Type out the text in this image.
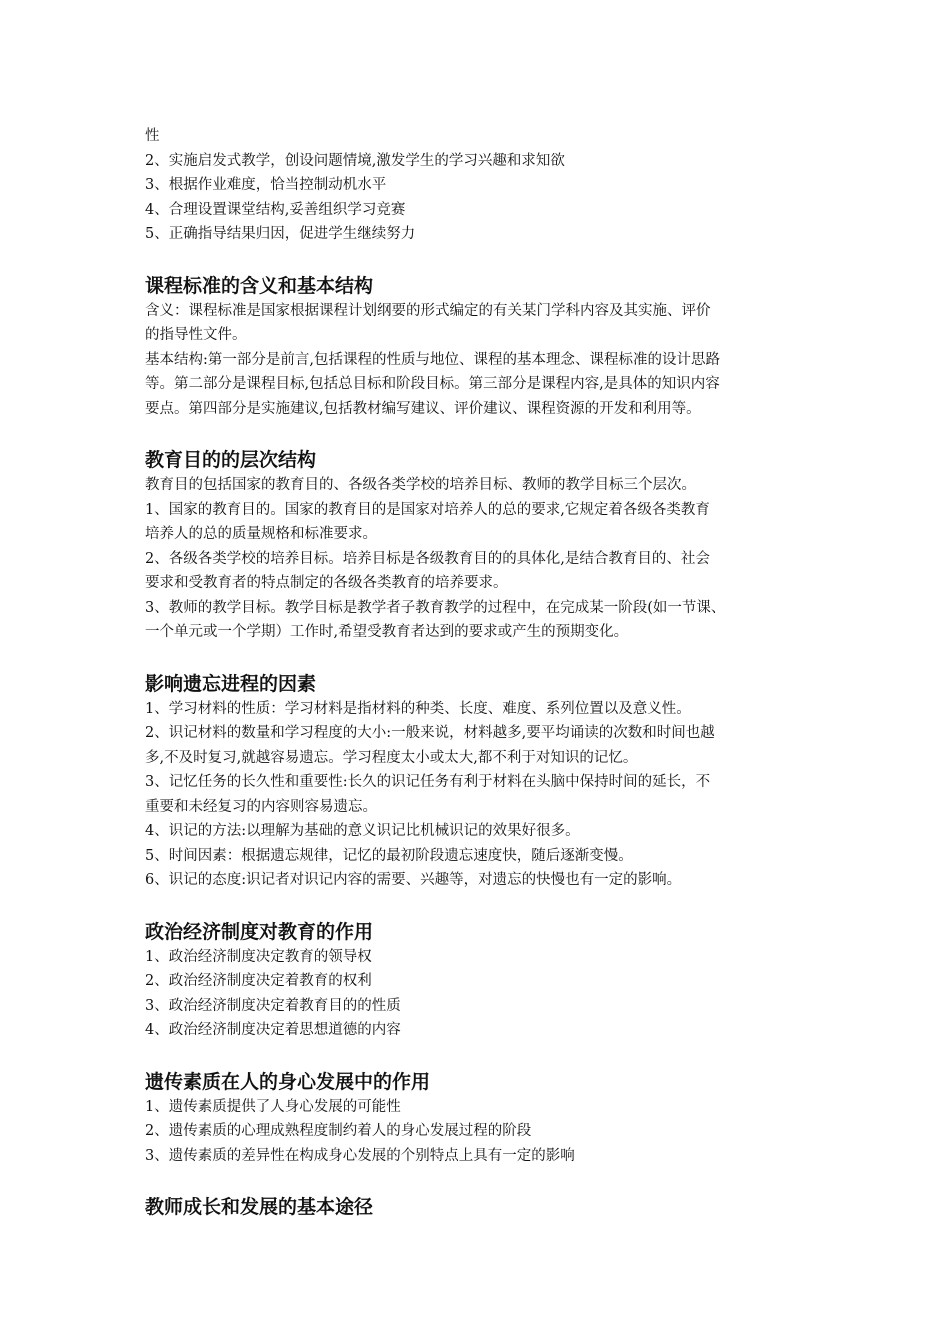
性

2、实施启发式教学，创设问题情境,激发学生的学习兴趣和求知欲

3、根据作业难度，恰当控制动机水平

4、合理设置课堂结构,妥善组织学习竞赛

5、正确指导结果归因，促进学生继续努力

课程标准的含义和基本结构

含义：课程标准是国家根据课程计划纲要的形式编定的有关某门学科内容及其实施、评价

的指导性文件。

基本结构:第一部分是前言,包括课程的性质与地位、课程的基本理念、课程标准的设计思路

等。第二部分是课程目标,包括总目标和阶段目标。第三部分是课程内容,是具体的知识内容

要点。第四部分是实施建议,包括教材编写建议、评价建议、课程资源的开发和利用等。

教育目的的层次结构

教育目的包括国家的教育目的、各级各类学校的培养目标、教师的教学目标三个层次。

1、国家的教育目的。国家的教育目的是国家对培养人的总的要求,它规定着各级各类教育

培养人的总的质量规格和标准要求。

2、各级各类学校的培养目标。培养目标是各级教育目的的具体化,是结合教育目的、社会

要求和受教育者的特点制定的各级各类教育的培养要求。

3、教师的教学目标。教学目标是教学者子教育教学的过程中，在完成某一阶段(如一节课、

一个单元或一个学期）工作时,希望受教育者达到的要求或产生的预期变化。

影响遗忘进程的因素

1、学习材料的性质：学习材料是指材料的种类、长度、难度、系列位置以及意义性。

2、识记材料的数量和学习程度的大小:一般来说，材料越多,要平均诵读的次数和时间也越

多,不及时复习,就越容易遗忘。学习程度太小或太大,都不利于对知识的记忆。

3、记忆任务的长久性和重要性:长久的识记任务有利于材料在头脑中保持时间的延长，不

重要和未经复习的内容则容易遗忘。

4、识记的方法:以理解为基础的意义识记比机械识记的效果好很多。

5、时间因素：根据遗忘规律，记忆的最初阶段遗忘速度快，随后逐渐变慢。

6、识记的态度:识记者对识记内容的需要、兴趣等，对遗忘的快慢也有一定的影响。

政治经济制度对教育的作用

1、政治经济制度决定教育的领导权

2、政治经济制度决定着教育的权利

3、政治经济制度决定着教育目的的性质

4、政治经济制度决定着思想道德的内容

遗传素质在人的身心发展中的作用

1、遗传素质提供了人身心发展的可能性

2、遗传素质的心理成熟程度制约着人的身心发展过程的阶段

3、遗传素质的差异性在构成身心发展的个别特点上具有一定的影响

教师成长和发展的基本途径
